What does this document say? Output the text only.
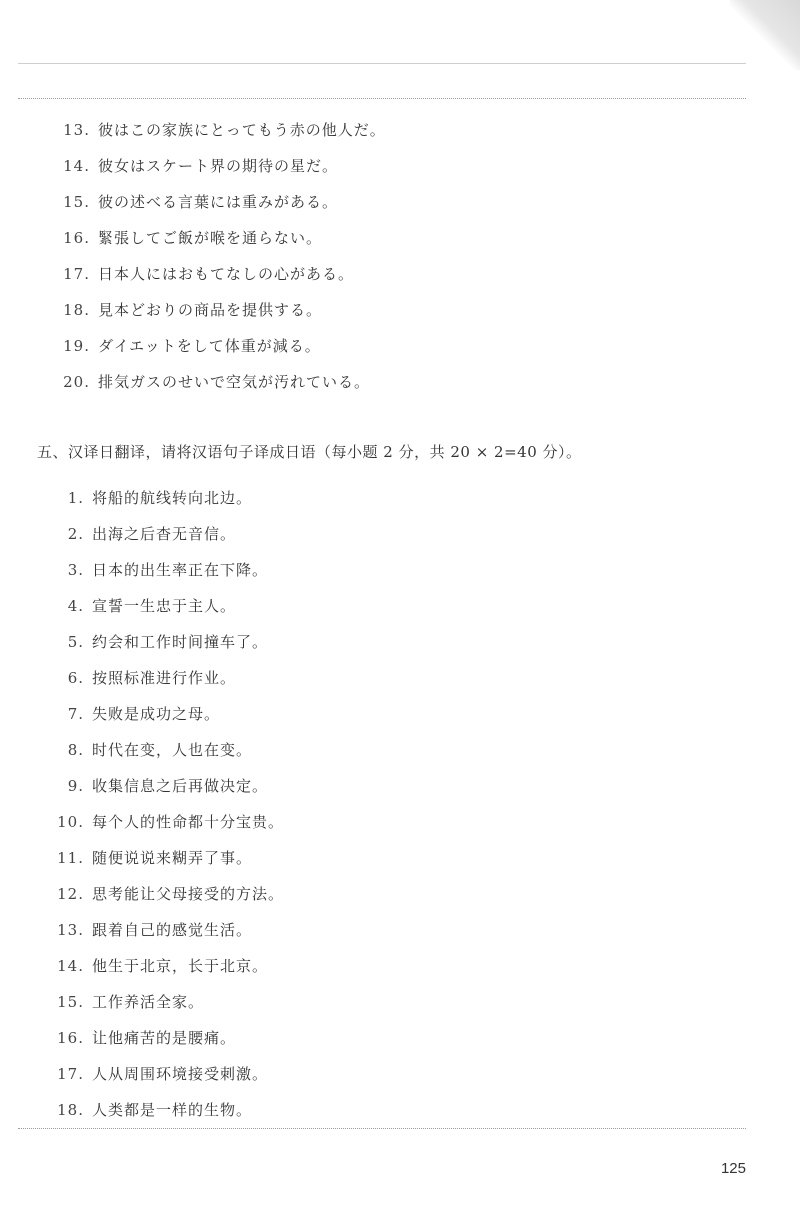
13. 彼はこの家族にとってもう赤の他人だ。
14. 彼女はスケート界の期待の星だ。
15. 彼の述べる言葉には重みがある。
16. 緊張してご飯が喉を通らない。
17. 日本人にはおもてなしの心がある。
18. 見本どおりの商品を提供する。
19. ダイエットをして体重が減る。
20. 排気ガスのせいで空気が汚れている。
五、汉译日翻译，请将汉语句子译成日语（每小题 2 分，共 20 × 2=40 分）。
1. 将船的航线转向北边。
2. 出海之后杳无音信。
3. 日本的出生率正在下降。
4. 宣誓一生忠于主人。
5. 约会和工作时间撞车了。
6. 按照标准进行作业。
7. 失败是成功之母。
8. 时代在变，人也在变。
9. 收集信息之后再做决定。
10. 每个人的性命都十分宝贵。
11. 随便说说来糊弄了事。
12. 思考能让父母接受的方法。
13. 跟着自己的感觉生活。
14. 他生于北京，长于北京。
15. 工作养活全家。
16. 让他痛苦的是腰痛。
17. 人从周围环境接受刺激。
18. 人类都是一样的生物。
125
